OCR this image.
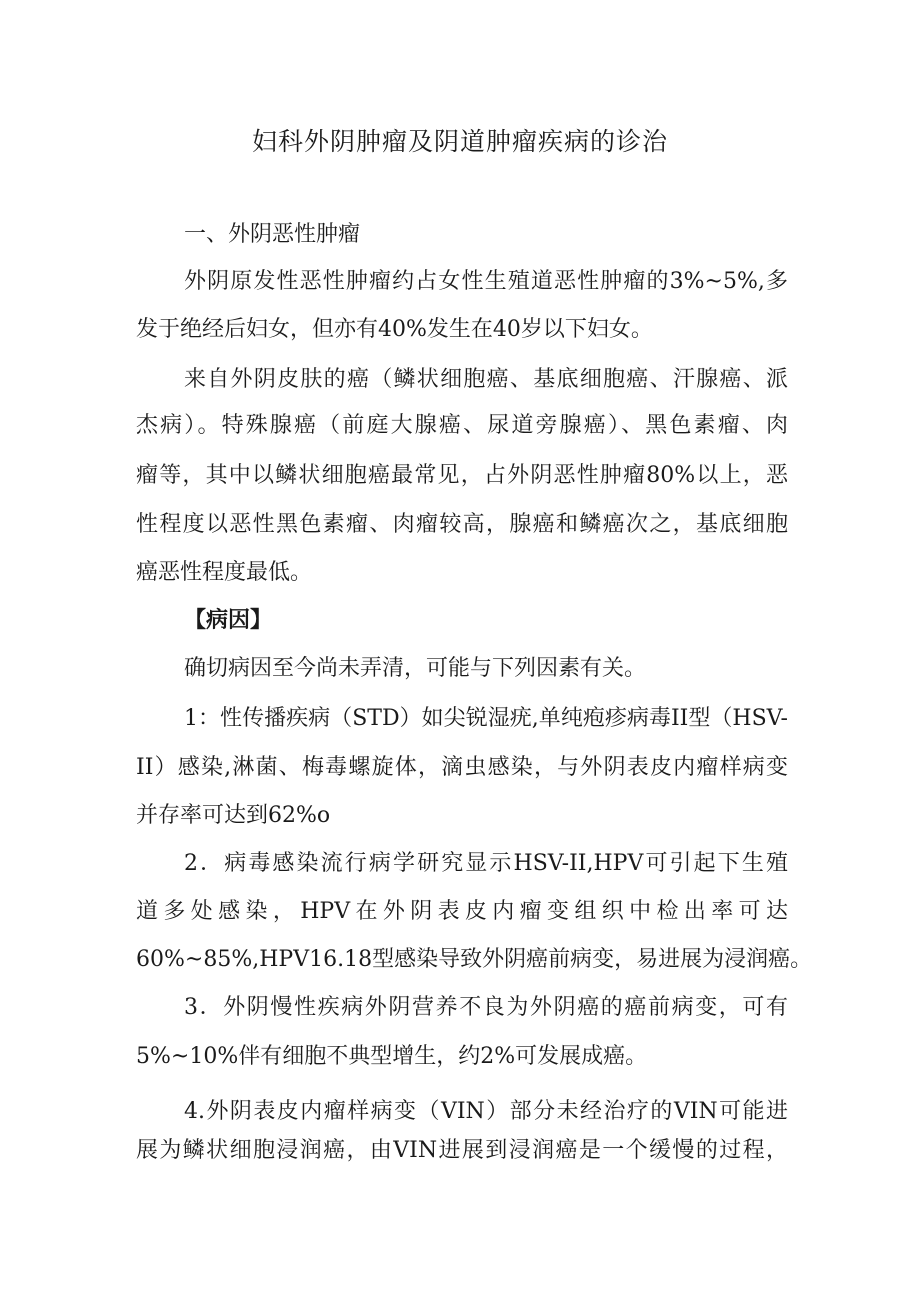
妇科外阴肿瘤及阴道肿瘤疾病的诊治
一、外阴恶性肿瘤
外阴原发性恶性肿瘤约占女性生殖道恶性肿瘤的3%~5%,多
发于绝经后妇女，但亦有40%发生在40岁以下妇女。
来自外阴皮肤的癌（鳞状细胞癌、基底细胞癌、汗腺癌、派
杰病）。特殊腺癌（前庭大腺癌、尿道旁腺癌）、黑色素瘤、肉
瘤等，其中以鳞状细胞癌最常见，占外阴恶性肿瘤80%以上，恶
性程度以恶性黑色素瘤、肉瘤较高，腺癌和鳞癌次之，基底细胞
癌恶性程度最低。
【病因】
确切病因至今尚未弄清，可能与下列因素有关。
1：性传播疾病（STD）如尖锐湿疣,单纯疱疹病毒II型（HSV-
II）感染,淋菌、梅毒螺旋体，滴虫感染，与外阴表皮内瘤样病变
并存率可达到62%o
2．病毒感染流行病学研究显示HSV-II,HPV可引起下生殖
道多处感染，HPV在外阴表皮内瘤变组织中检出率可达
60%~85%,HPV16.18型感染导致外阴癌前病变，易进展为浸润癌。
3．外阴慢性疾病外阴营养不良为外阴癌的癌前病变，可有
5%~10%伴有细胞不典型增生，约2%可发展成癌。
4.外阴表皮内瘤样病变（VIN）部分未经治疗的VIN可能进
展为鳞状细胞浸润癌，由VIN进展到浸润癌是一个缓慢的过程，
